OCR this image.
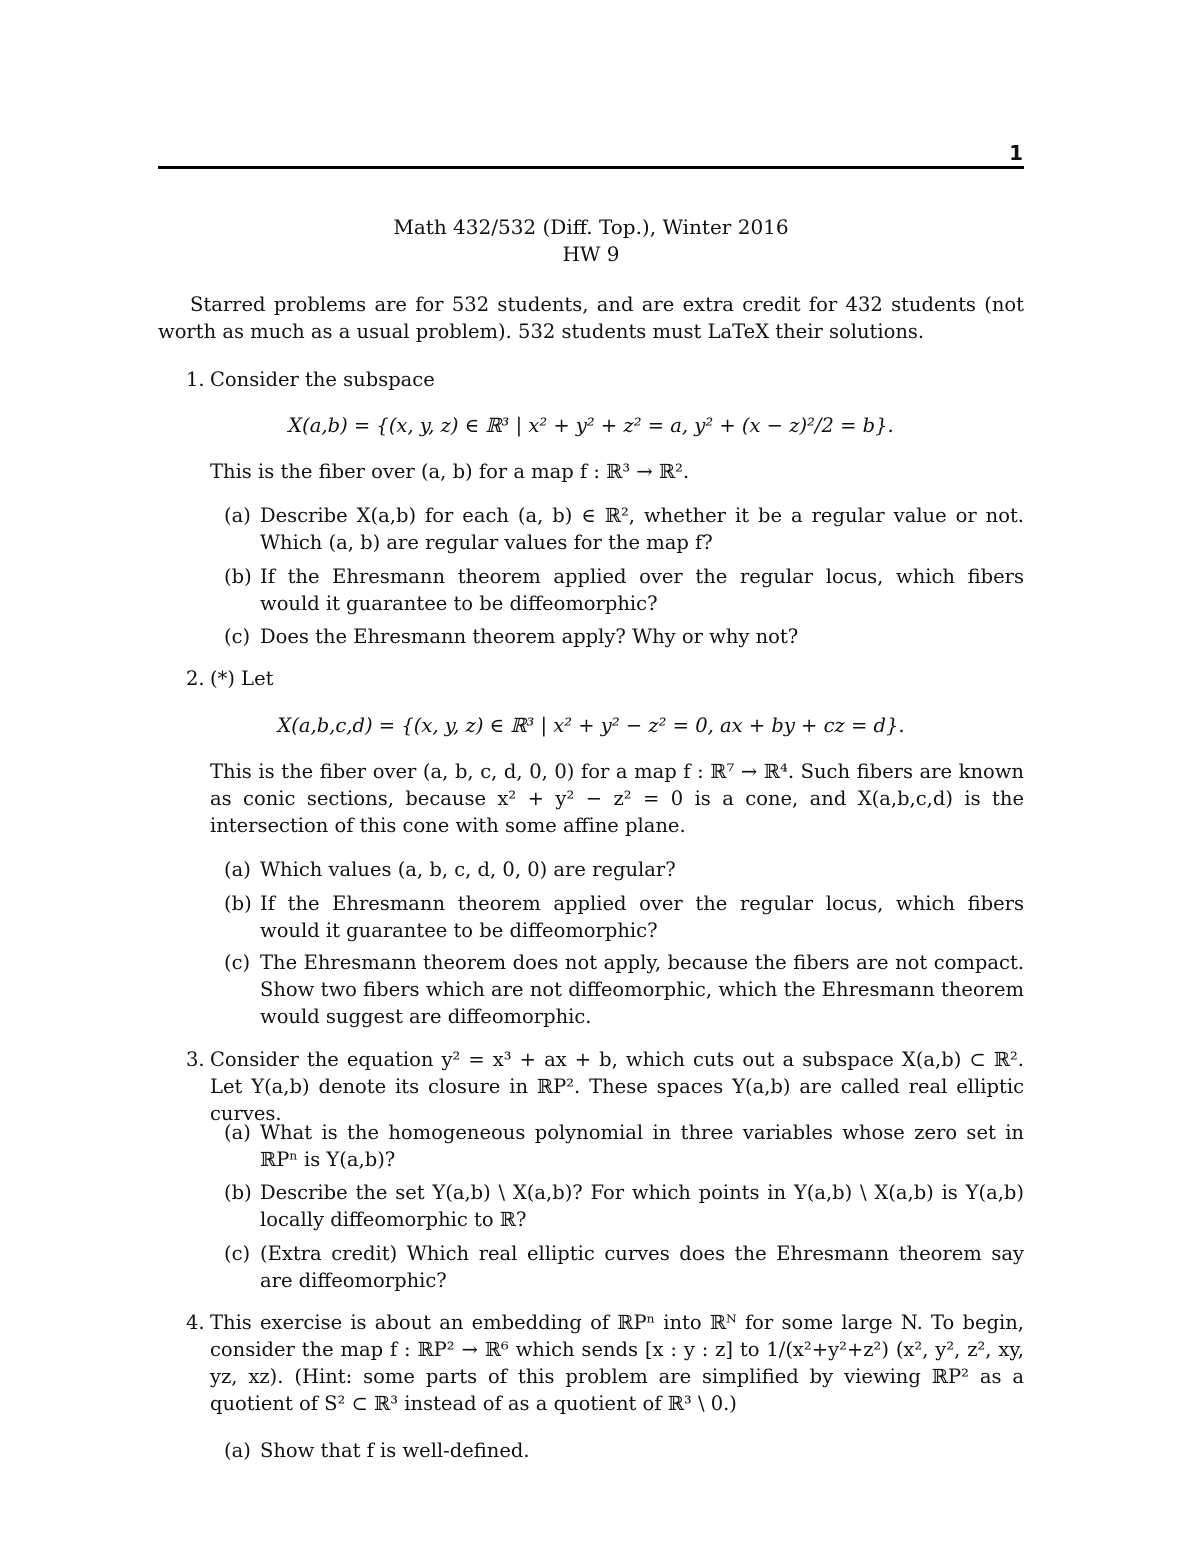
1
Math 432/532 (Diff. Top.), Winter 2016
HW 9
Starred problems are for 532 students, and are extra credit for 432 students (not worth as much as a usual problem). 532 students must LaTeX their solutions.
1. Consider the subspace
X(a,b) = {(x, y, z) ∈ ℝ³ | x² + y² + z² = a, y² + (x − z)²/2 = b}.
This is the fiber over (a, b) for a map f : ℝ³ → ℝ².
(a) Describe X(a,b) for each (a, b) ∈ ℝ², whether it be a regular value or not. Which (a, b) are regular values for the map f?
(b) If the Ehresmann theorem applied over the regular locus, which fibers would it guarantee to be diffeomorphic?
(c) Does the Ehresmann theorem apply? Why or why not?
2. (*) Let
X(a,b,c,d) = {(x, y, z) ∈ ℝ³ | x² + y² − z² = 0, ax + by + cz = d}.
This is the fiber over (a, b, c, d, 0, 0) for a map f : ℝ⁷ → ℝ⁴. Such fibers are known as conic sections, because x² + y² − z² = 0 is a cone, and X(a,b,c,d) is the intersection of this cone with some affine plane.
(a) Which values (a, b, c, d, 0, 0) are regular?
(b) If the Ehresmann theorem applied over the regular locus, which fibers would it guarantee to be diffeomorphic?
(c) The Ehresmann theorem does not apply, because the fibers are not compact. Show two fibers which are not diffeomorphic, which the Ehresmann theorem would suggest are diffeomorphic.
3. Consider the equation y² = x³ + ax + b, which cuts out a subspace X(a,b) ⊂ ℝ². Let Y(a,b) denote its closure in ℝP². These spaces Y(a,b) are called real elliptic curves.
(a) What is the homogeneous polynomial in three variables whose zero set in ℝPⁿ is Y(a,b)?
(b) Describe the set Y(a,b) \ X(a,b)? For which points in Y(a,b) \ X(a,b) is Y(a,b) locally diffeomorphic to ℝ?
(c) (Extra credit) Which real elliptic curves does the Ehresmann theorem say are diffeomorphic?
4. This exercise is about an embedding of ℝPⁿ into ℝᴺ for some large N. To begin, consider the map f : ℝP² → ℝ⁶ which sends [x : y : z] to 1/(x²+y²+z²) (x², y², z², xy, yz, xz). (Hint: some parts of this problem are simplified by viewing ℝP² as a quotient of S² ⊂ ℝ³ instead of as a quotient of ℝ³ \ 0.)
(a) Show that f is well-defined.
